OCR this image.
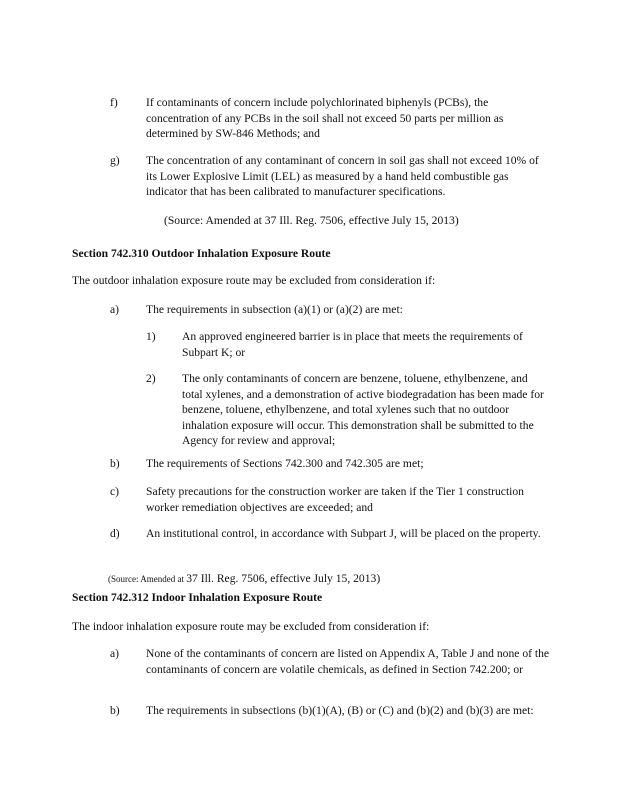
f) If contaminants of concern include polychlorinated biphenyls (PCBs), the concentration of any PCBs in the soil shall not exceed 50 parts per million as determined by SW-846 Methods; and
g) The concentration of any contaminant of concern in soil gas shall not exceed 10% of its Lower Explosive Limit (LEL) as measured by a hand held combustible gas indicator that has been calibrated to manufacturer specifications.
(Source: Amended at 37 Ill. Reg. 7506, effective July 15, 2013)
Section 742.310 Outdoor Inhalation Exposure Route
The outdoor inhalation exposure route may be excluded from consideration if:
a) The requirements in subsection (a)(1) or (a)(2) are met:
1) An approved engineered barrier is in place that meets the requirements of Subpart K; or
2) The only contaminants of concern are benzene, toluene, ethylbenzene, and total xylenes, and a demonstration of active biodegradation has been made for benzene, toluene, ethylbenzene, and total xylenes such that no outdoor inhalation exposure will occur. This demonstration shall be submitted to the Agency for review and approval;
b) The requirements of Sections 742.300 and 742.305 are met;
c) Safety precautions for the construction worker are taken if the Tier 1 construction worker remediation objectives are exceeded; and
d) An institutional control, in accordance with Subpart J, will be placed on the property.
(Source: Amended at 37 Ill. Reg. 7506, effective July 15, 2013)
Section 742.312 Indoor Inhalation Exposure Route
The indoor inhalation exposure route may be excluded from consideration if:
a) None of the contaminants of concern are listed on Appendix A, Table J and none of the contaminants of concern are volatile chemicals, as defined in Section 742.200; or
b) The requirements in subsections (b)(1)(A), (B) or (C) and (b)(2) and (b)(3) are met:
